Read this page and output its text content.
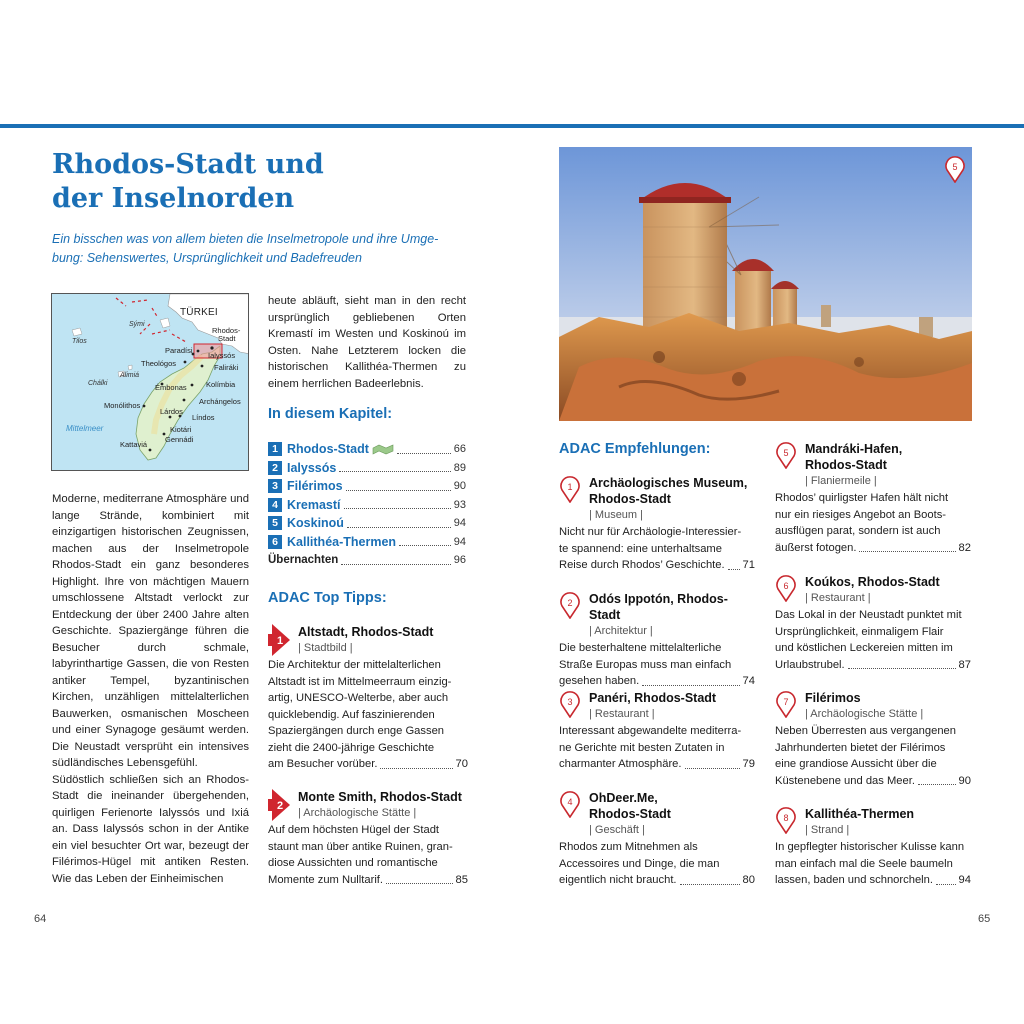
Rhodos-Stadt und
der Inselnorden
Ein bisschen was von allem bieten die Inselmetropole und ihre Umge-
bung: Sehenswertes, Ursprünglichkeit und Badefreuden
TÜRKEI
Sými
Tilos
Rhodos-
Stadt
Paradísi
Ialyssós
Theológos	Faliráki
Alimiá
Chálki	Émbonas	Kolímbia
Archángelos
Monólithos
Lárdos
Líndos
Mittelmeer	Kiotári
Gennádi
Kattaviá

Moderne, mediterrane Atmosphäre und lange Strände, kombiniert mit einzigartigen historischen Zeugnissen, machen aus der Inselmetropole Rhodos-Stadt ein ganz besonderes Highlight. Ihre von mächtigen Mauern umschlossene Altstadt verlockt zur Entdeckung der über 2400 Jahre alten Geschichte. Spaziergänge führen die Besucher durch schmale, labyrinthartige Gassen, die von Resten antiker Tempel, byzantinischen Kirchen, unzähligen mittelalterlichen Bauwerken, osmanischen Moscheen und einer Synagoge gesäumt werden. Die Neustadt versprüht ein intensives südländisches Lebensgefühl.

Südöstlich schließen sich an Rhodos-Stadt die ineinander übergehenden, quirligen Ferienorte Ialyssós und Ixiá an. Dass Ialyssós schon in der Antike ein viel besuchter Ort war, bezeugt der Filérimos-Hügel mit antiken Resten. Wie das Leben der Einheimischen

heute abläuft, sieht man in den recht ursprünglich gebliebenen Orten Kremastí im Westen und Koskinoú im Osten. Nahe Letzterem locken die historischen Kallithéa-Thermen zu einem herrlichen Badeerlebnis.
In diesem Kapitel:
1 Rhodos-Stadt	66
2 Ialyssós	89
3 Filérimos	90
4 Kremastí	93
5 Koskinoú	94
6 Kallithéa-Thermen	94
Übernachten	96
ADAC Top Tipps:
1
Altstadt, Rhodos-Stadt
| Stadtbild |
Die Architektur der mittelalterlichen
Altstadt ist im Mittelmeerraum einzig-
artig, UNESCO-Welterbe, aber auch
quicklebendig. Auf faszinierenden
Spaziergängen durch enge Gassen
zieht die 2400-jährige Geschichte
am Besucher vorüber.	70
2
Monte Smith, Rhodos-Stadt
| Archäologische Stätte |
Auf dem höchsten Hügel der Stadt
staunt man über antike Ruinen, gran-
diose Aussichten und romantische
Momente zum Nulltarif.	85
64
5
ADAC Empfehlungen:
1 Archäologisches Museum,
Rhodos-Stadt
| Museum |
Nicht nur für Archäologie-Interessier-
te spannend: eine unterhaltsame
Reise durch Rhodos’ Geschichte. 71
2 Odós Ippotón, Rhodos-Stadt
| Architektur |
Die besterhaltene mittelalterliche
Straße Europas muss man einfach
gesehen haben.	74
3 Panéri, Rhodos-Stadt
| Restaurant |
Interessant abgewandelte mediterra-
ne Gerichte mit besten Zutaten in
charmanter Atmosphäre.	79
4 OhDeer.Me,
Rhodos-Stadt
| Geschäft |
Rhodos zum Mitnehmen als
Accessoires und Dinge, die man
eigentlich nicht braucht.	80
5 Mandráki-Hafen,
Rhodos-Stadt
| Flaniermeile |
Rhodos’ quirligster Hafen hält nicht
nur ein riesiges Angebot an Boots-
ausflügen parat, sondern ist auch
äußerst fotogen.	82
6 Koúkos, Rhodos-Stadt
| Restaurant |
Das Lokal in der Neustadt punktet mit
Ursprünglichkeit, einmaligem Flair
und köstlichen Leckereien mitten im
Urlaubstrubel.	87
7 Filérimos
| Archäologische Stätte |
Neben Überresten aus vergangenen
Jahrhunderten bietet der Filérimos
eine grandiose Aussicht über die
Küstenebene und das Meer.	90
8 Kallithéa-Thermen
| Strand |
In gepflegter historischer Kulisse kann
man einfach mal die Seele baumeln
lassen, baden und schnorcheln. 94
65
